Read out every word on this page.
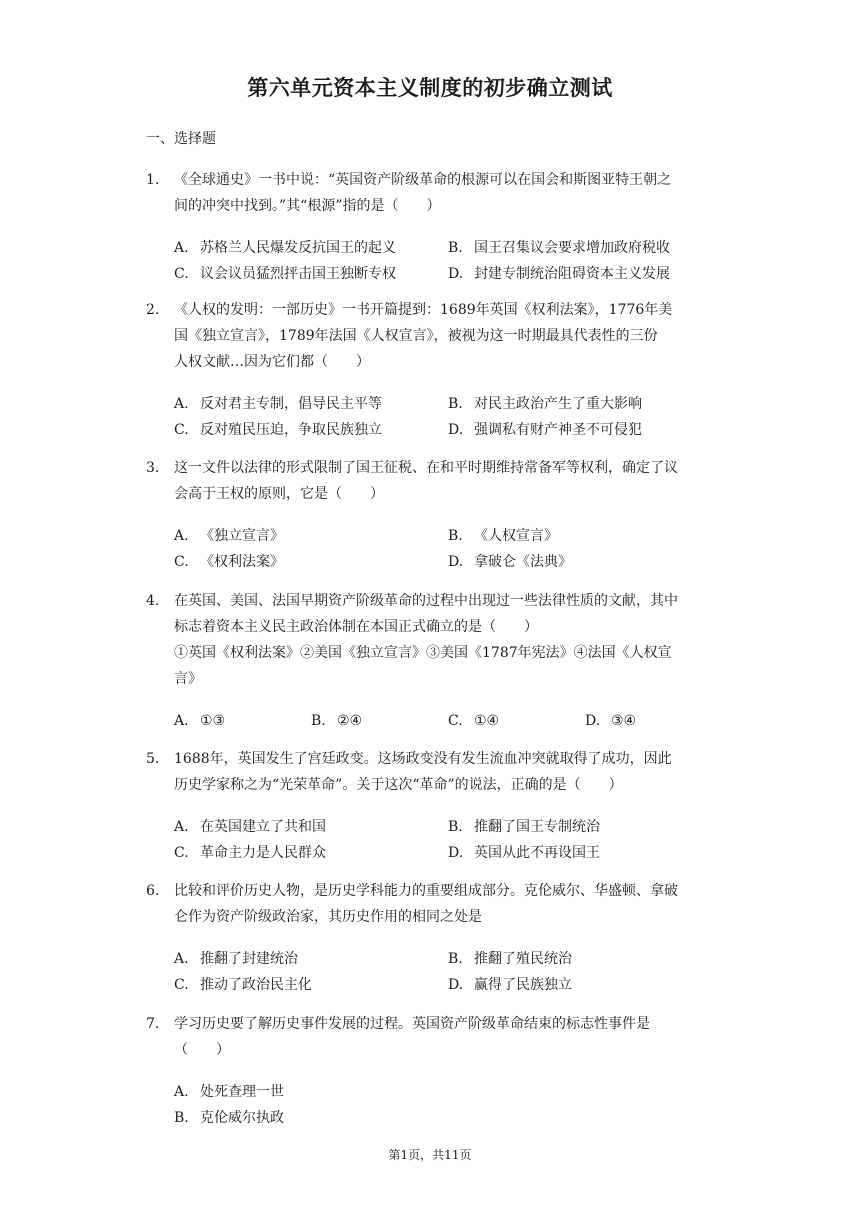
第六单元资本主义制度的初步确立测试
一、选择题
1. 《全球通史》一书中说：“英国资产阶级革命的根源可以在国会和斯图亚特王朝之
间的冲突中找到。”其“根源”指的是（　　）
A. 苏格兰人民爆发反抗国王的起义	B. 国王召集议会要求增加政府税收
C. 议会议员猛烈抨击国王独断专权	D. 封建专制统治阻碍资本主义发展
2. 《人权的发明：一部历史》一书开篇提到：1689年英国《权利法案》，1776年美
国《独立宣言》，1789年法国《人权宣言》，被视为这一时期最具代表性的三份
人权文献…因为它们都（　　）
A. 反对君主专制，倡导民主平等	B. 对民主政治产生了重大影响
C. 反对殖民压迫，争取民族独立	D. 强调私有财产神圣不可侵犯
3. 这一文件以法律的形式限制了国王征税、在和平时期维持常备军等权利，确定了议
会高于王权的原则，它是（　　）
A. 《独立宣言》	B. 《人权宣言》
C. 《权利法案》	D. 拿破仑《法典》
4. 在英国、美国、法国早期资产阶级革命的过程中出现过一些法律性质的文献，其中
标志着资本主义民主政治体制在本国正式确立的是（　　）
①英国《权利法案》②美国《独立宣言》③美国《1787年宪法》④法国《人权宣
言》
A. ①③	B. ②④	C. ①④	D. ③④
5. 1688年，英国发生了宫廷政变。这场政变没有发生流血冲突就取得了成功，因此
历史学家称之为“光荣革命”。关于这次“革命”的说法，正确的是（　　）
A. 在英国建立了共和国	B. 推翻了国王专制统治
C. 革命主力是人民群众	D. 英国从此不再设国王
6. 比较和评价历史人物，是历史学科能力的重要组成部分。克伦威尔、华盛顿、拿破
仑作为资产阶级政治家，其历史作用的相同之处是
A. 推翻了封建统治	B. 推翻了殖民统治
C. 推动了政治民主化	D. 赢得了民族独立
7. 学习历史要了解历史事件发展的过程。英国资产阶级革命结束的标志性事件是
（　　）
A. 处死查理一世
B. 克伦威尔执政
第1页，共11页
